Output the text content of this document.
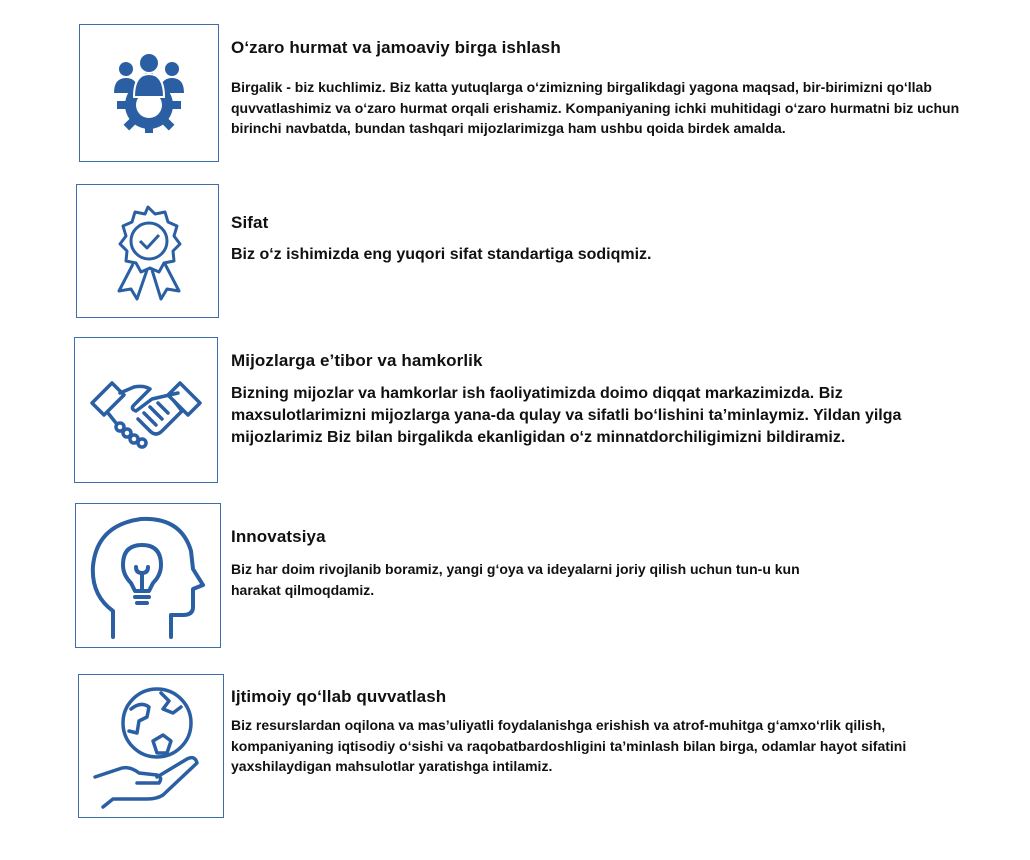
O‘zaro hurmat va jamoaviy birga ishlash
Birgalik - biz kuchlimiz. Biz katta yutuqlarga o‘zimizning birgalikdagi yagona maqsad, bir-birimizni qo‘llab quvvatlashimiz va o‘zaro hurmat orqali erishamiz. Kompaniyaning ichki muhitidagi o‘zaro hurmatni biz uchun birinchi navbatda, bundan tashqari mijozlarimizga ham ushbu qoida birdek amalda.
Sifat
Biz o‘z ishimizda eng yuqori sifat standartiga sodiqmiz.
Mijozlarga e’tibor va hamkorlik
Bizning mijozlar va hamkorlar ish faoliyatimizda doimo diqqat markazimizda. Biz maxsulotlarimizni mijozlarga yana-da qulay va sifatli bo‘lishini ta’minlaymiz. Yildan yilga mijozlarimiz Biz bilan birgalikda ekanligidan o‘z minnatdorchiligimizni bildiramiz.
Innovatsiya
Biz har doim rivojlanib boramiz, yangi g‘oya va ideyalarni joriy qilish uchun tun-u kun harakat qilmoqdamiz.
Ijtimoiy qo‘llab quvvatlash
Biz resurslardan oqilona va mas’uliyatli foydalanishga erishish va atrof-muhitga g‘amxo‘rlik qilish, kompaniyaning iqtisodiy o‘sishi va raqobatbardoshligini ta’minlash bilan birga, odamlar hayot sifatini yaxshilaydigan mahsulotlar yaratishga intilamiz.
